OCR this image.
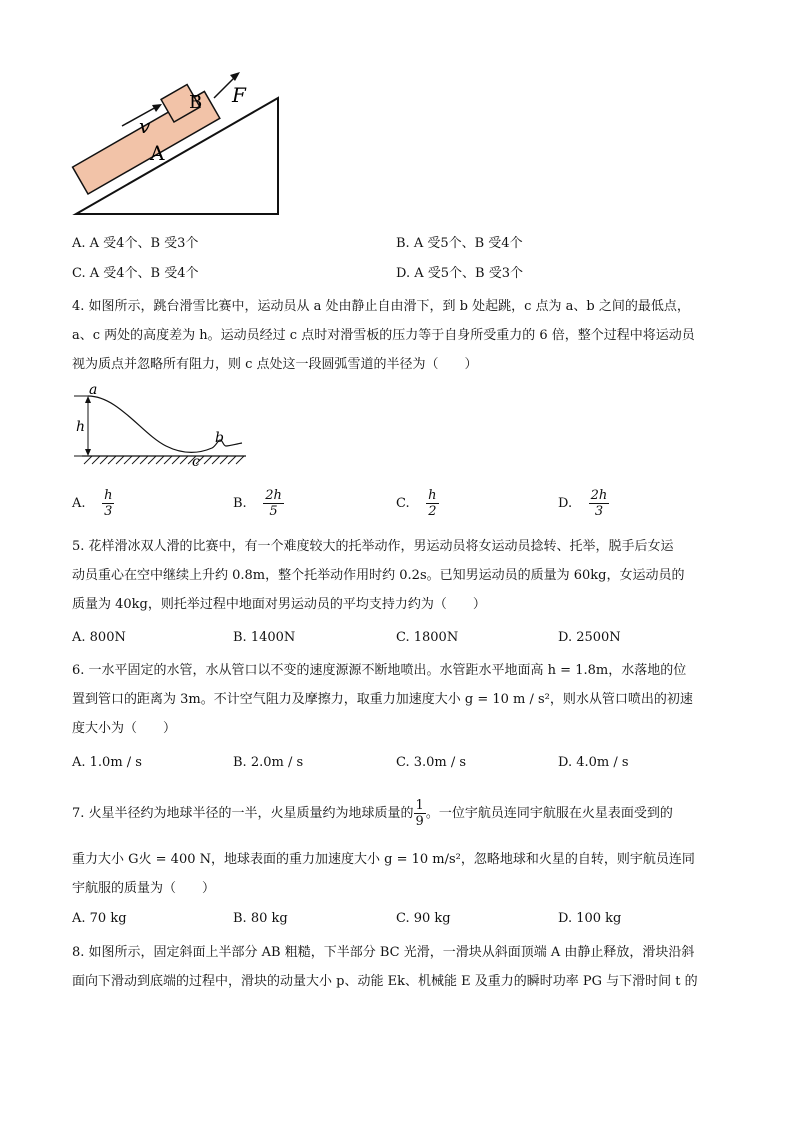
v
F
A
B
A. A 受4个、B 受3个	B. A 受5个、B 受4个
C. A 受4个、B 受4个	D. A 受5个、B 受3个
4. 如图所示，跳台滑雪比赛中，运动员从 a 处由静止自由滑下，到 b 处起跳，c 点为 a、b 之间的最低点，
a、c 两处的高度差为 h。运动员经过 c 点时对滑雪板的压力等于自身所受重力的 6 倍，整个过程中将运动员
视为质点并忽略所有阻力，则 c 点处这一段圆弧雪道的半径为（　　）
a
h
c
b
A. $\frac{h}{3}$	B. $\frac{2h}{5}$	C. $\frac{h}{2}$	D. $\frac{2h}{3}$
5. 花样滑冰双人滑的比赛中，有一个难度较大的托举动作，男运动员将女运动员捻转、托举，脱手后女运
动员重心在空中继续上升约 0.8m，整个托举动作用时约 0.2s。已知男运动员的质量为 60kg，女运动员的
质量为 40kg，则托举过程中地面对男运动员的平均支持力约为（　　）
A. 800N	B. 1400N	C. 1800N	D. 2500N
6. 一水平固定的水管，水从管口以不变的速度源源不断地喷出。水管距水平地面高 h = 1.8m，水落地的位
置到管口的距离为 3m。不计空气阻力及摩擦力，取重力加速度大小 g = 10 m / s²，则水从管口喷出的初速
度大小为（　　）
A. 1.0m / s	B. 2.0m / s	C. 3.0m / s	D. 4.0m / s
7. 火星半径约为地球半径的一半，火星质量约为地球质量的 $\frac{1}{9}$ 。一位宇航员连同宇航服在火星表面受到的
重力大小 G火 = 400 N，地球表面的重力加速度大小 g = 10 m/s²，忽略地球和火星的自转，则宇航员连同
宇航服的质量为（　　）
A. 70 kg	B. 80 kg	C. 90 kg	D. 100 kg
8. 如图所示，固定斜面上半部分 AB 粗糙，下半部分 BC 光滑，一滑块从斜面顶端 A 由静止释放，滑块沿斜
面向下滑动到底端的过程中，滑块的动量大小 p、动能 Ek、机械能 E 及重力的瞬时功率 PG 与下滑时间 t 的
